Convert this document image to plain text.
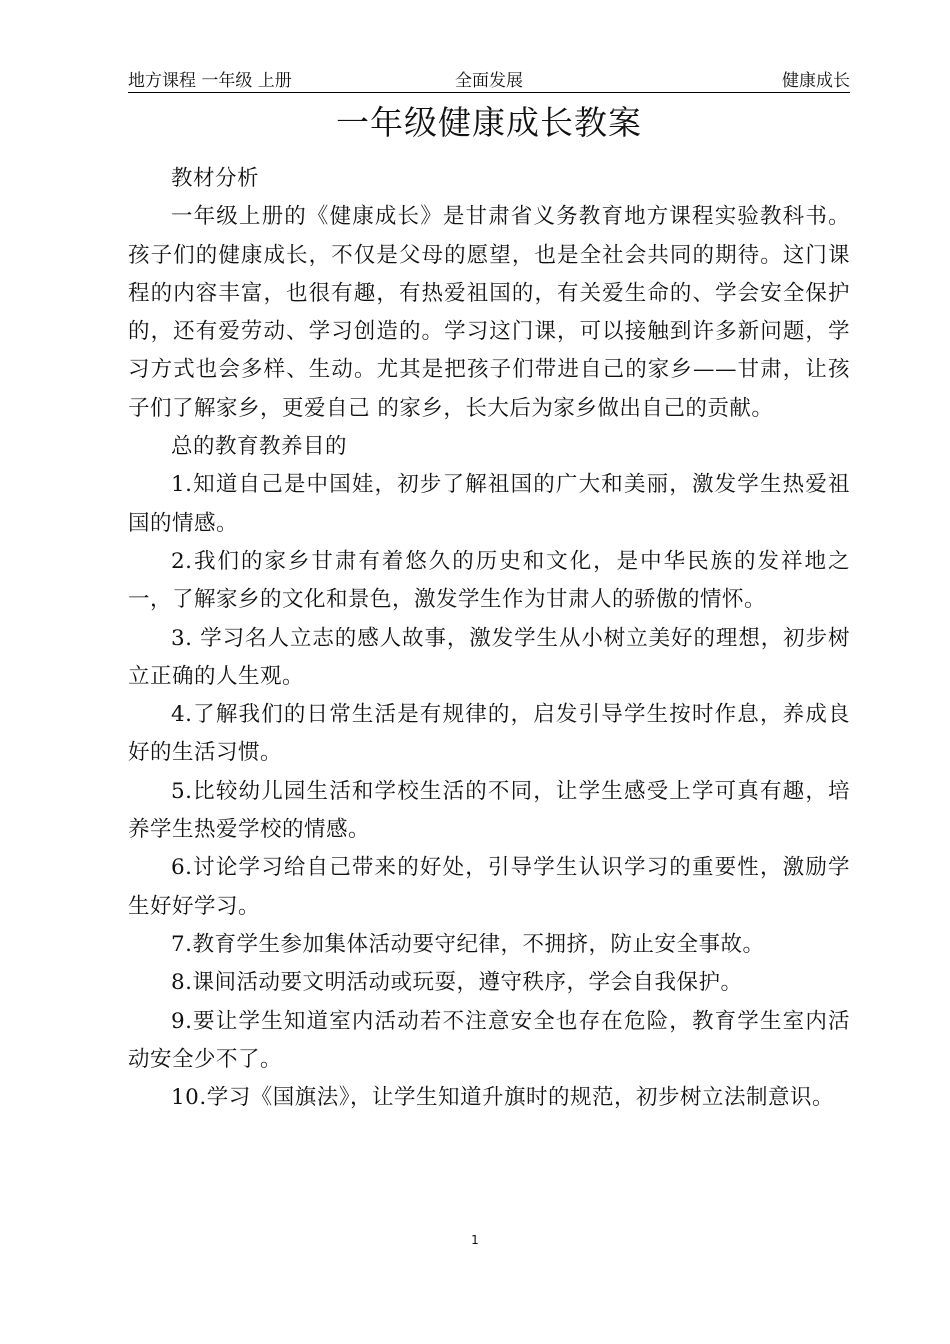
地方课程 一年级 上册	全面发展	健康成长
一年级健康成长教案

教材分析

一年级上册的《健康成长》是甘肃省义务教育地方课程实验教科书。孩子们的健康成长，不仅是父母的愿望，也是全社会共同的期待。这门课程的内容丰富，也很有趣，有热爱祖国的，有关爱生命的、学会安全保护的，还有爱劳动、学习创造的。学习这门课，可以接触到许多新问题，学习方式也会多样、生动。尤其是把孩子们带进自己的家乡——甘肃，让孩子们了解家乡，更爱自己 的家乡，长大后为家乡做出自己的贡献。

总的教育教养目的

1.知道自己是中国娃，初步了解祖国的广大和美丽，激发学生热爱祖国的情感。

2.我们的家乡甘肃有着悠久的历史和文化，是中华民族的发祥地之一，了解家乡的文化和景色，激发学生作为甘肃人的骄傲的情怀。

3. 学习名人立志的感人故事，激发学生从小树立美好的理想，初步树立正确的人生观。

4.了解我们的日常生活是有规律的，启发引导学生按时作息，养成良好的生活习惯。

5.比较幼儿园生活和学校生活的不同，让学生感受上学可真有趣，培养学生热爱学校的情感。

6.讨论学习给自己带来的好处，引导学生认识学习的重要性，激励学生好好学习。

7.教育学生参加集体活动要守纪律，不拥挤，防止安全事故。

8.课间活动要文明活动或玩耍，遵守秩序，学会自我保护。

9.要让学生知道室内活动若不注意安全也存在危险，教育学生室内活动安全少不了。

10.学习《国旗法》，让学生知道升旗时的规范，初步树立法制意识。

1
